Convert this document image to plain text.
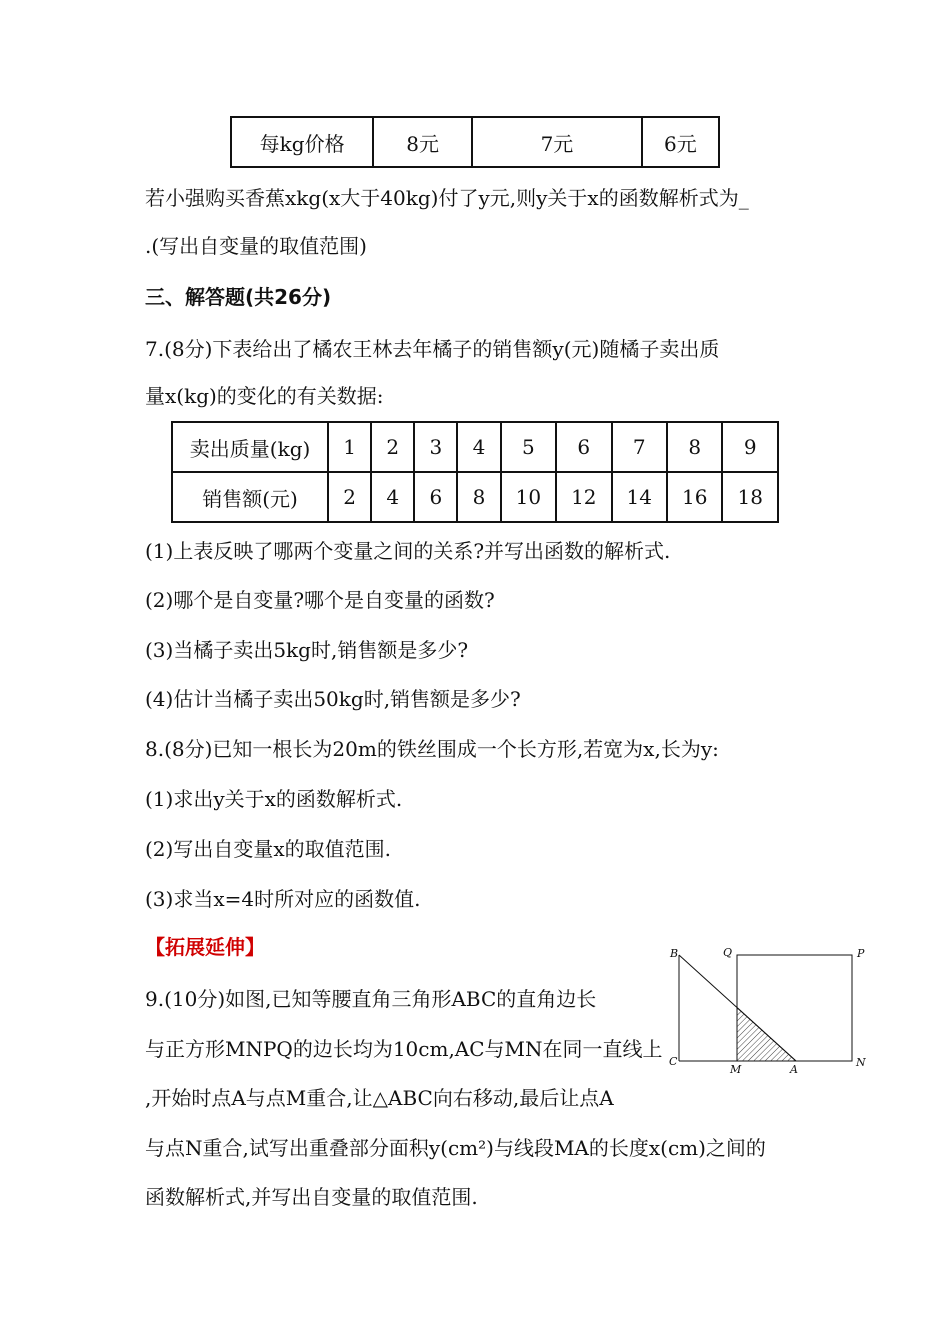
每kg价格	8元	7元	6元
若小强购买香蕉xkg(x大于40kg)付了y元,则y关于x的函数解析式为_
.(写出自变量的取值范围)
三、解答题(共26分)
7.(8分)下表给出了橘农王林去年橘子的销售额y(元)随橘子卖出质
量x(kg)的变化的有关数据:
卖出质量(kg)	1	2	3	4	5	6	7	8	9
销售额(元)	2	4	6	8	10	12	14	16	18
(1)上表反映了哪两个变量之间的关系?并写出函数的解析式.
(2)哪个是自变量?哪个是自变量的函数?
(3)当橘子卖出5kg时,销售额是多少?
(4)估计当橘子卖出50kg时,销售额是多少?
8.(8分)已知一根长为20m的铁丝围成一个长方形,若宽为x,长为y:
(1)求出y关于x的函数解析式.
(2)写出自变量x的取值范围.
(3)求当x=4时所对应的函数值.
【拓展延伸】
9.(10分)如图,已知等腰直角三角形ABC的直角边长
与正方形MNPQ的边长均为10cm,AC与MN在同一直线上
,开始时点A与点M重合,让△ABC向右移动,最后让点A
与点N重合,试写出重叠部分面积y(cm²)与线段MA的长度x(cm)之间的
函数解析式,并写出自变量的取值范围.
B	Q	P
C
M	A
N
